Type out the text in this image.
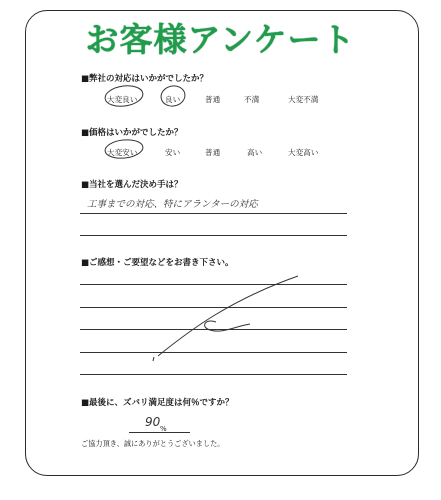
お客様アンケート
■弊社の対応はいかがでしたか？
大変良い	良い	普通	不満	大変不満
■価格はいかがでしたか？
大変安い	安い	普通	高い	大変高い
■当社を選んだ決め手は？
工事までの対応、特にアランターの対応
■ご感想・ご要望などをお書き下さい。
■最後に、ズバリ満足度は何％ですか？
90 %
ご協力頂き、誠にありがとうございました。
